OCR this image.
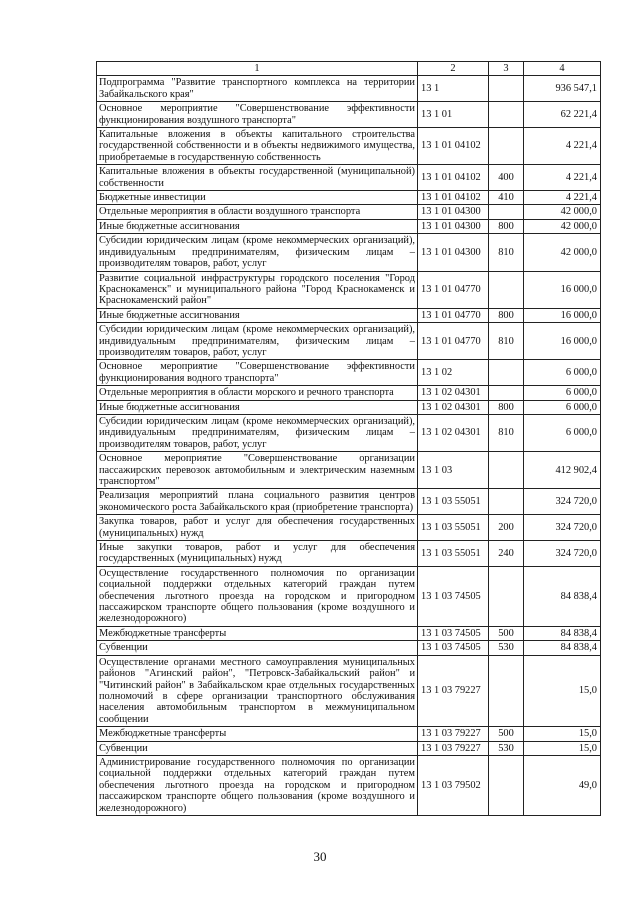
1	2	3	4
Подпрограмма "Развитие транспортного комплекса на территории Забайкальского края"	13 1		936 547,1
Основное мероприятие "Совершенствование эффективности функционирования воздушного транспорта"	13 1 01		62 221,4
Капитальные вложения в объекты капитального строительства государственной собственности и в объекты недвижимого имущества, приобретаемые в государственную собственность	13 1 01 04102		4 221,4
Капитальные вложения в объекты государственной (муниципальной) собственности	13 1 01 04102	400	4 221,4
Бюджетные инвестиции	13 1 01 04102	410	4 221,4
Отдельные мероприятия в области воздушного транспорта	13 1 01 04300		42 000,0
Иные бюджетные ассигнования	13 1 01 04300	800	42 000,0
Субсидии юридическим лицам (кроме некоммерческих организаций), индивидуальным предпринимателям, физическим лицам – производителям товаров, работ, услуг	13 1 01 04300	810	42 000,0
Развитие социальной инфраструктуры городского поселения "Город Краснокаменск" и муниципального района "Город Краснокаменск и Краснокаменский район"	13 1 01 04770		16 000,0
Иные бюджетные ассигнования	13 1 01 04770	800	16 000,0
Субсидии юридическим лицам (кроме некоммерческих организаций), индивидуальным предпринимателям, физическим лицам – производителям товаров, работ, услуг	13 1 01 04770	810	16 000,0
Основное мероприятие "Совершенствование эффективности функционирования водного транспорта"	13 1 02		6 000,0
Отдельные мероприятия в области морского и речного транспорта	13 1 02 04301		6 000,0
Иные бюджетные ассигнования	13 1 02 04301	800	6 000,0
Субсидии юридическим лицам (кроме некоммерческих организаций), индивидуальным предпринимателям, физическим лицам – производителям товаров, работ, услуг	13 1 02 04301	810	6 000,0
Основное мероприятие "Совершенствование организации пассажирских перевозок автомобильным и электрическим наземным транспортом"	13 1 03		412 902,4
Реализация мероприятий плана социального развития центров экономического роста Забайкальского края (приобретение транспорта)	13 1 03 55051		324 720,0
Закупка товаров, работ и услуг для обеспечения государственных (муниципальных) нужд	13 1 03 55051	200	324 720,0
Иные закупки товаров, работ и услуг для обеспечения государственных (муниципальных) нужд	13 1 03 55051	240	324 720,0
Осуществление государственного полномочия по организации социальной поддержки отдельных категорий граждан путем обеспечения льготного проезда на городском и пригородном пассажирском транспорте общего пользования (кроме воздушного и железнодорожного)	13 1 03 74505		84 838,4
Межбюджетные трансферты	13 1 03 74505	500	84 838,4
Субвенции	13 1 03 74505	530	84 838,4
Осуществление органами местного самоуправления муниципальных районов "Агинский район", "Петровск-Забайкальский район" и "Читинский район" в Забайкальском крае отдельных государственных полномочий в сфере организации транспортного обслуживания населения автомобильным транспортом в межмуниципальном сообщении	13 1 03 79227		15,0
Межбюджетные трансферты	13 1 03 79227	500	15,0
Субвенции	13 1 03 79227	530	15,0
Администрирование государственного полномочия по организации социальной поддержки отдельных категорий граждан путем обеспечения льготного проезда на городском и пригородном пассажирском транспорте общего пользования (кроме воздушного и железнодорожного)	13 1 03 79502		49,0
30
